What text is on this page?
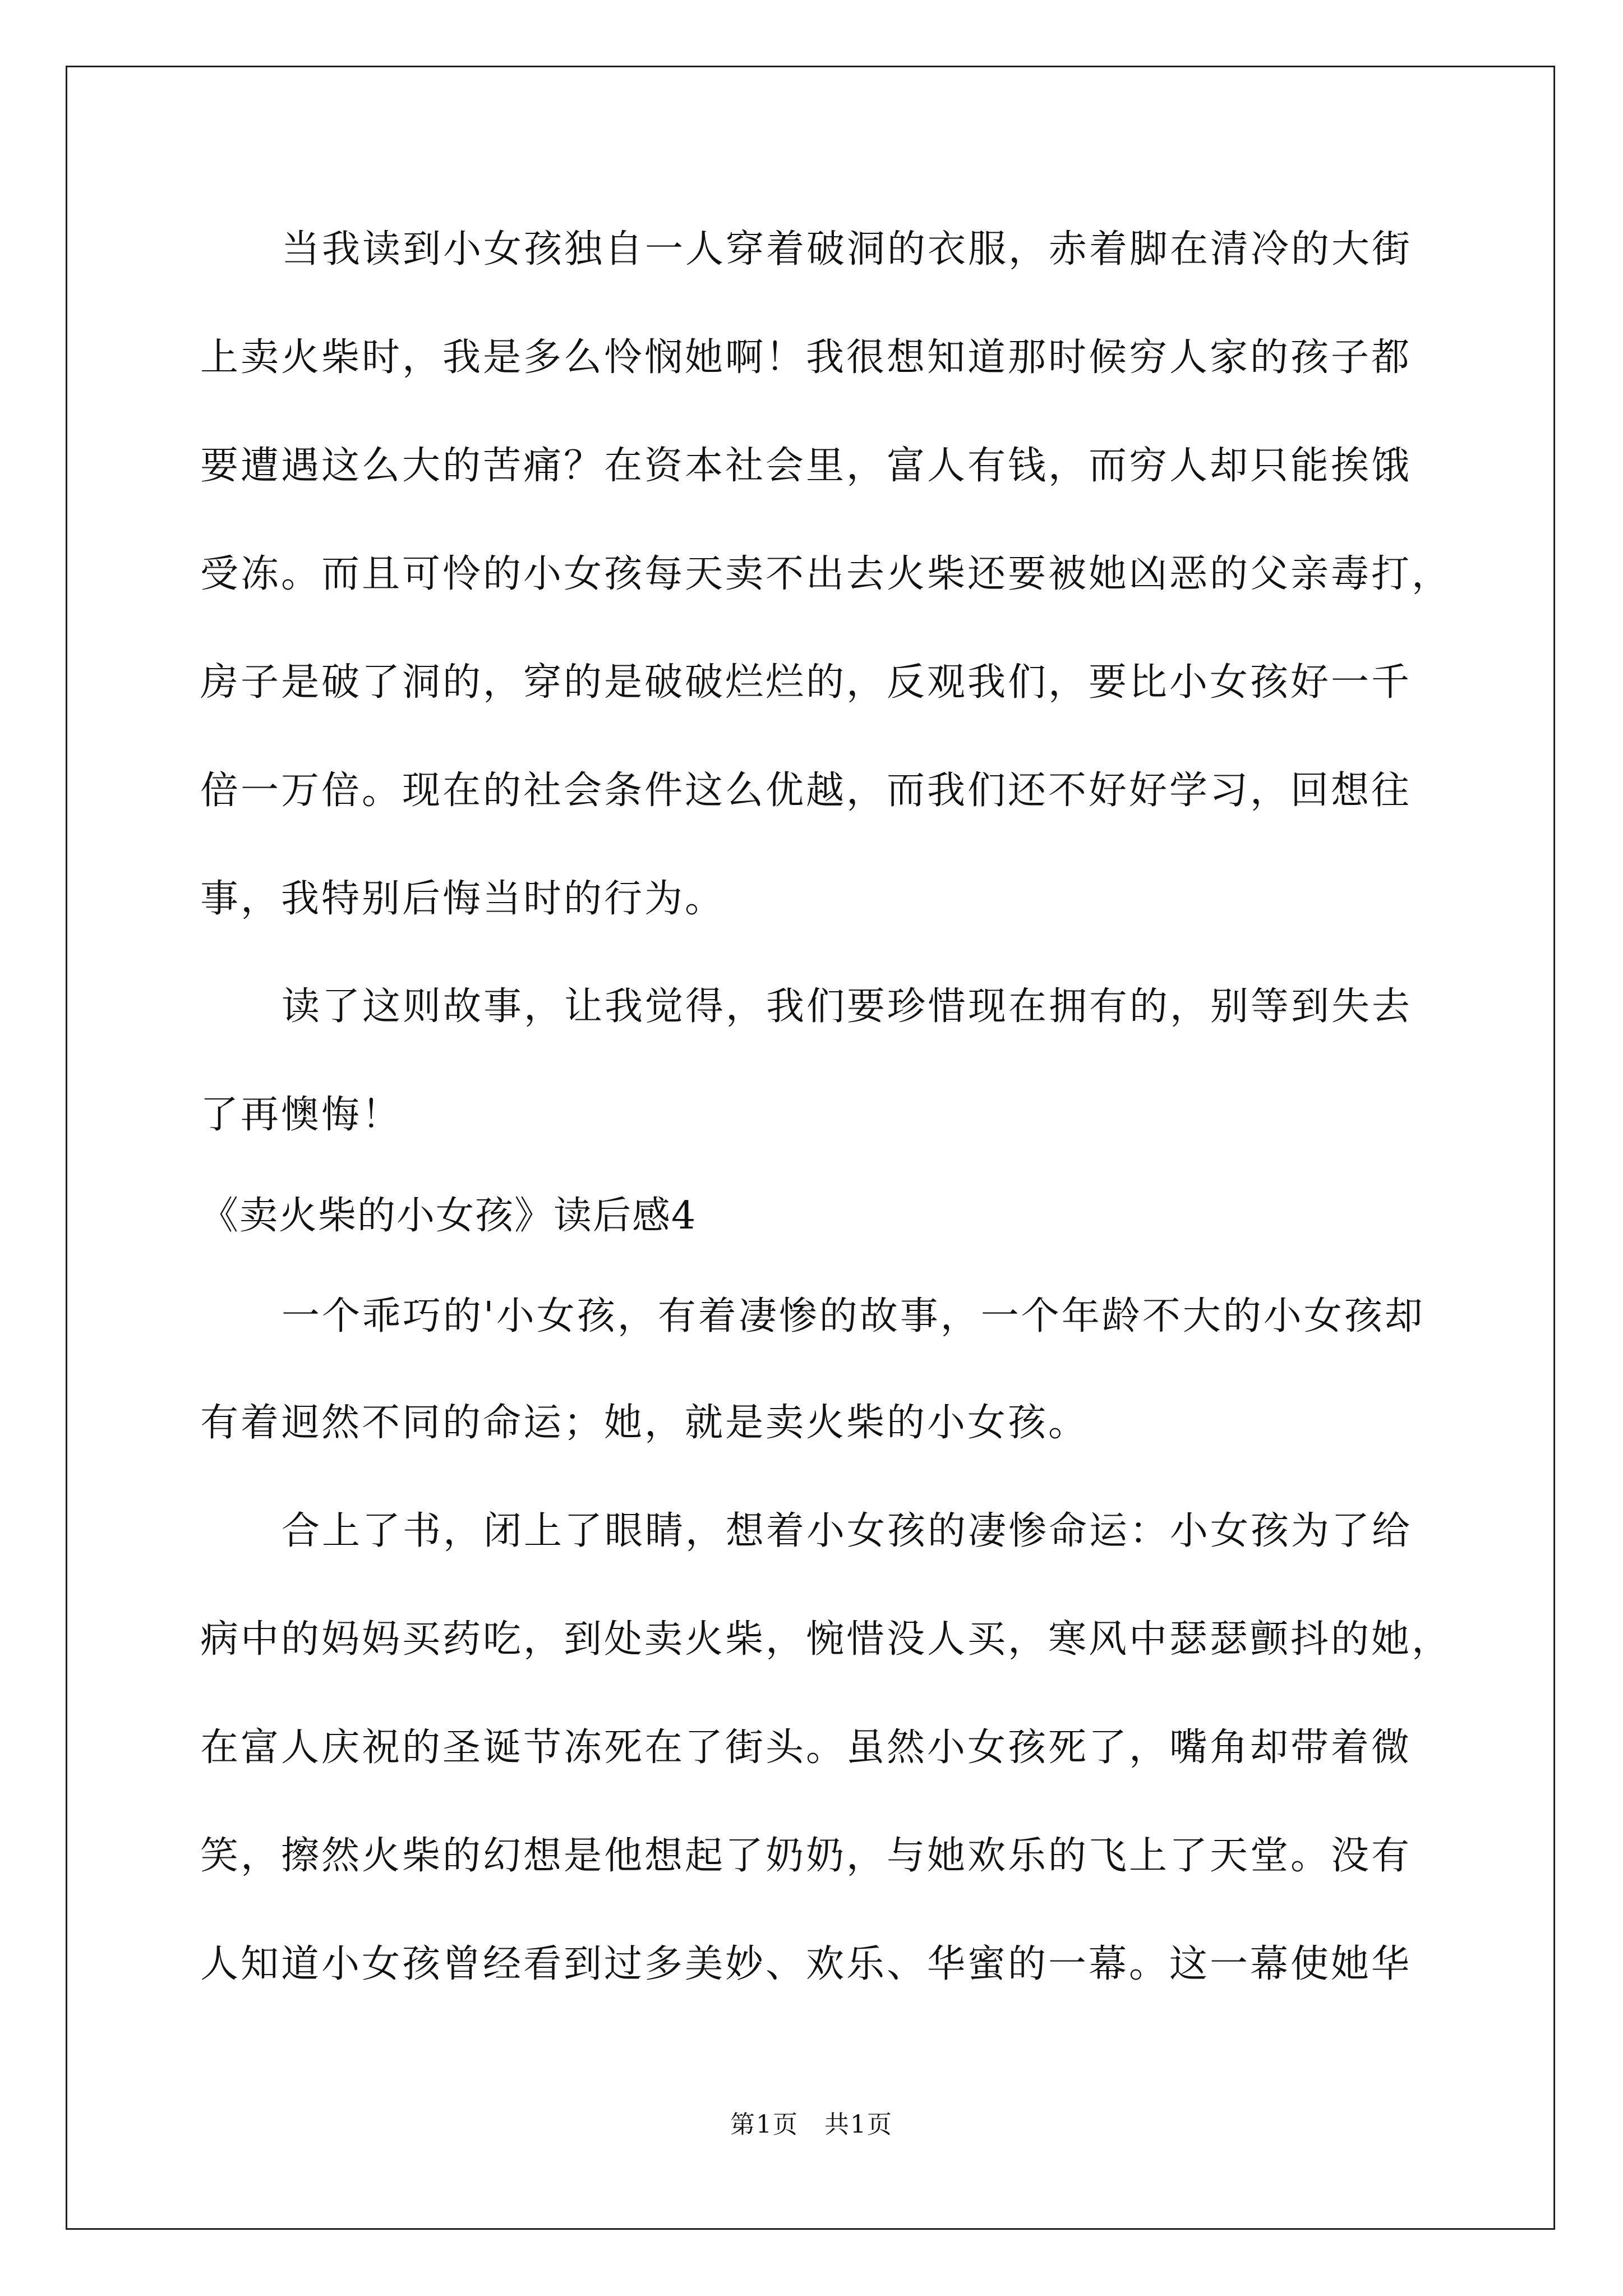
当我读到小女孩独自一人穿着破洞的衣服，赤着脚在清冷的大街
上卖火柴时，我是多么怜悯她啊！我很想知道那时候穷人家的孩子都
要遭遇这么大的苦痛？在资本社会里，富人有钱，而穷人却只能挨饿
受冻。而且可怜的小女孩每天卖不出去火柴还要被她凶恶的父亲毒打，
房子是破了洞的，穿的是破破烂烂的，反观我们，要比小女孩好一千
倍一万倍。现在的社会条件这么优越，而我们还不好好学习，回想往
事，我特别后悔当时的行为。
读了这则故事，让我觉得，我们要珍惜现在拥有的，别等到失去
了再懊悔！
《卖火柴的小女孩》读后感4
一个乖巧的'小女孩，有着凄惨的故事，一个年龄不大的小女孩却
有着迥然不同的命运；她，就是卖火柴的小女孩。
合上了书，闭上了眼睛，想着小女孩的凄惨命运：小女孩为了给
病中的妈妈买药吃，到处卖火柴，惋惜没人买，寒风中瑟瑟颤抖的她，
在富人庆祝的圣诞节冻死在了街头。虽然小女孩死了，嘴角却带着微
笑，擦然火柴的幻想是他想起了奶奶，与她欢乐的飞上了天堂。没有
人知道小女孩曾经看到过多美妙、欢乐、华蜜的一幕。这一幕使她华
第1页　共1页
